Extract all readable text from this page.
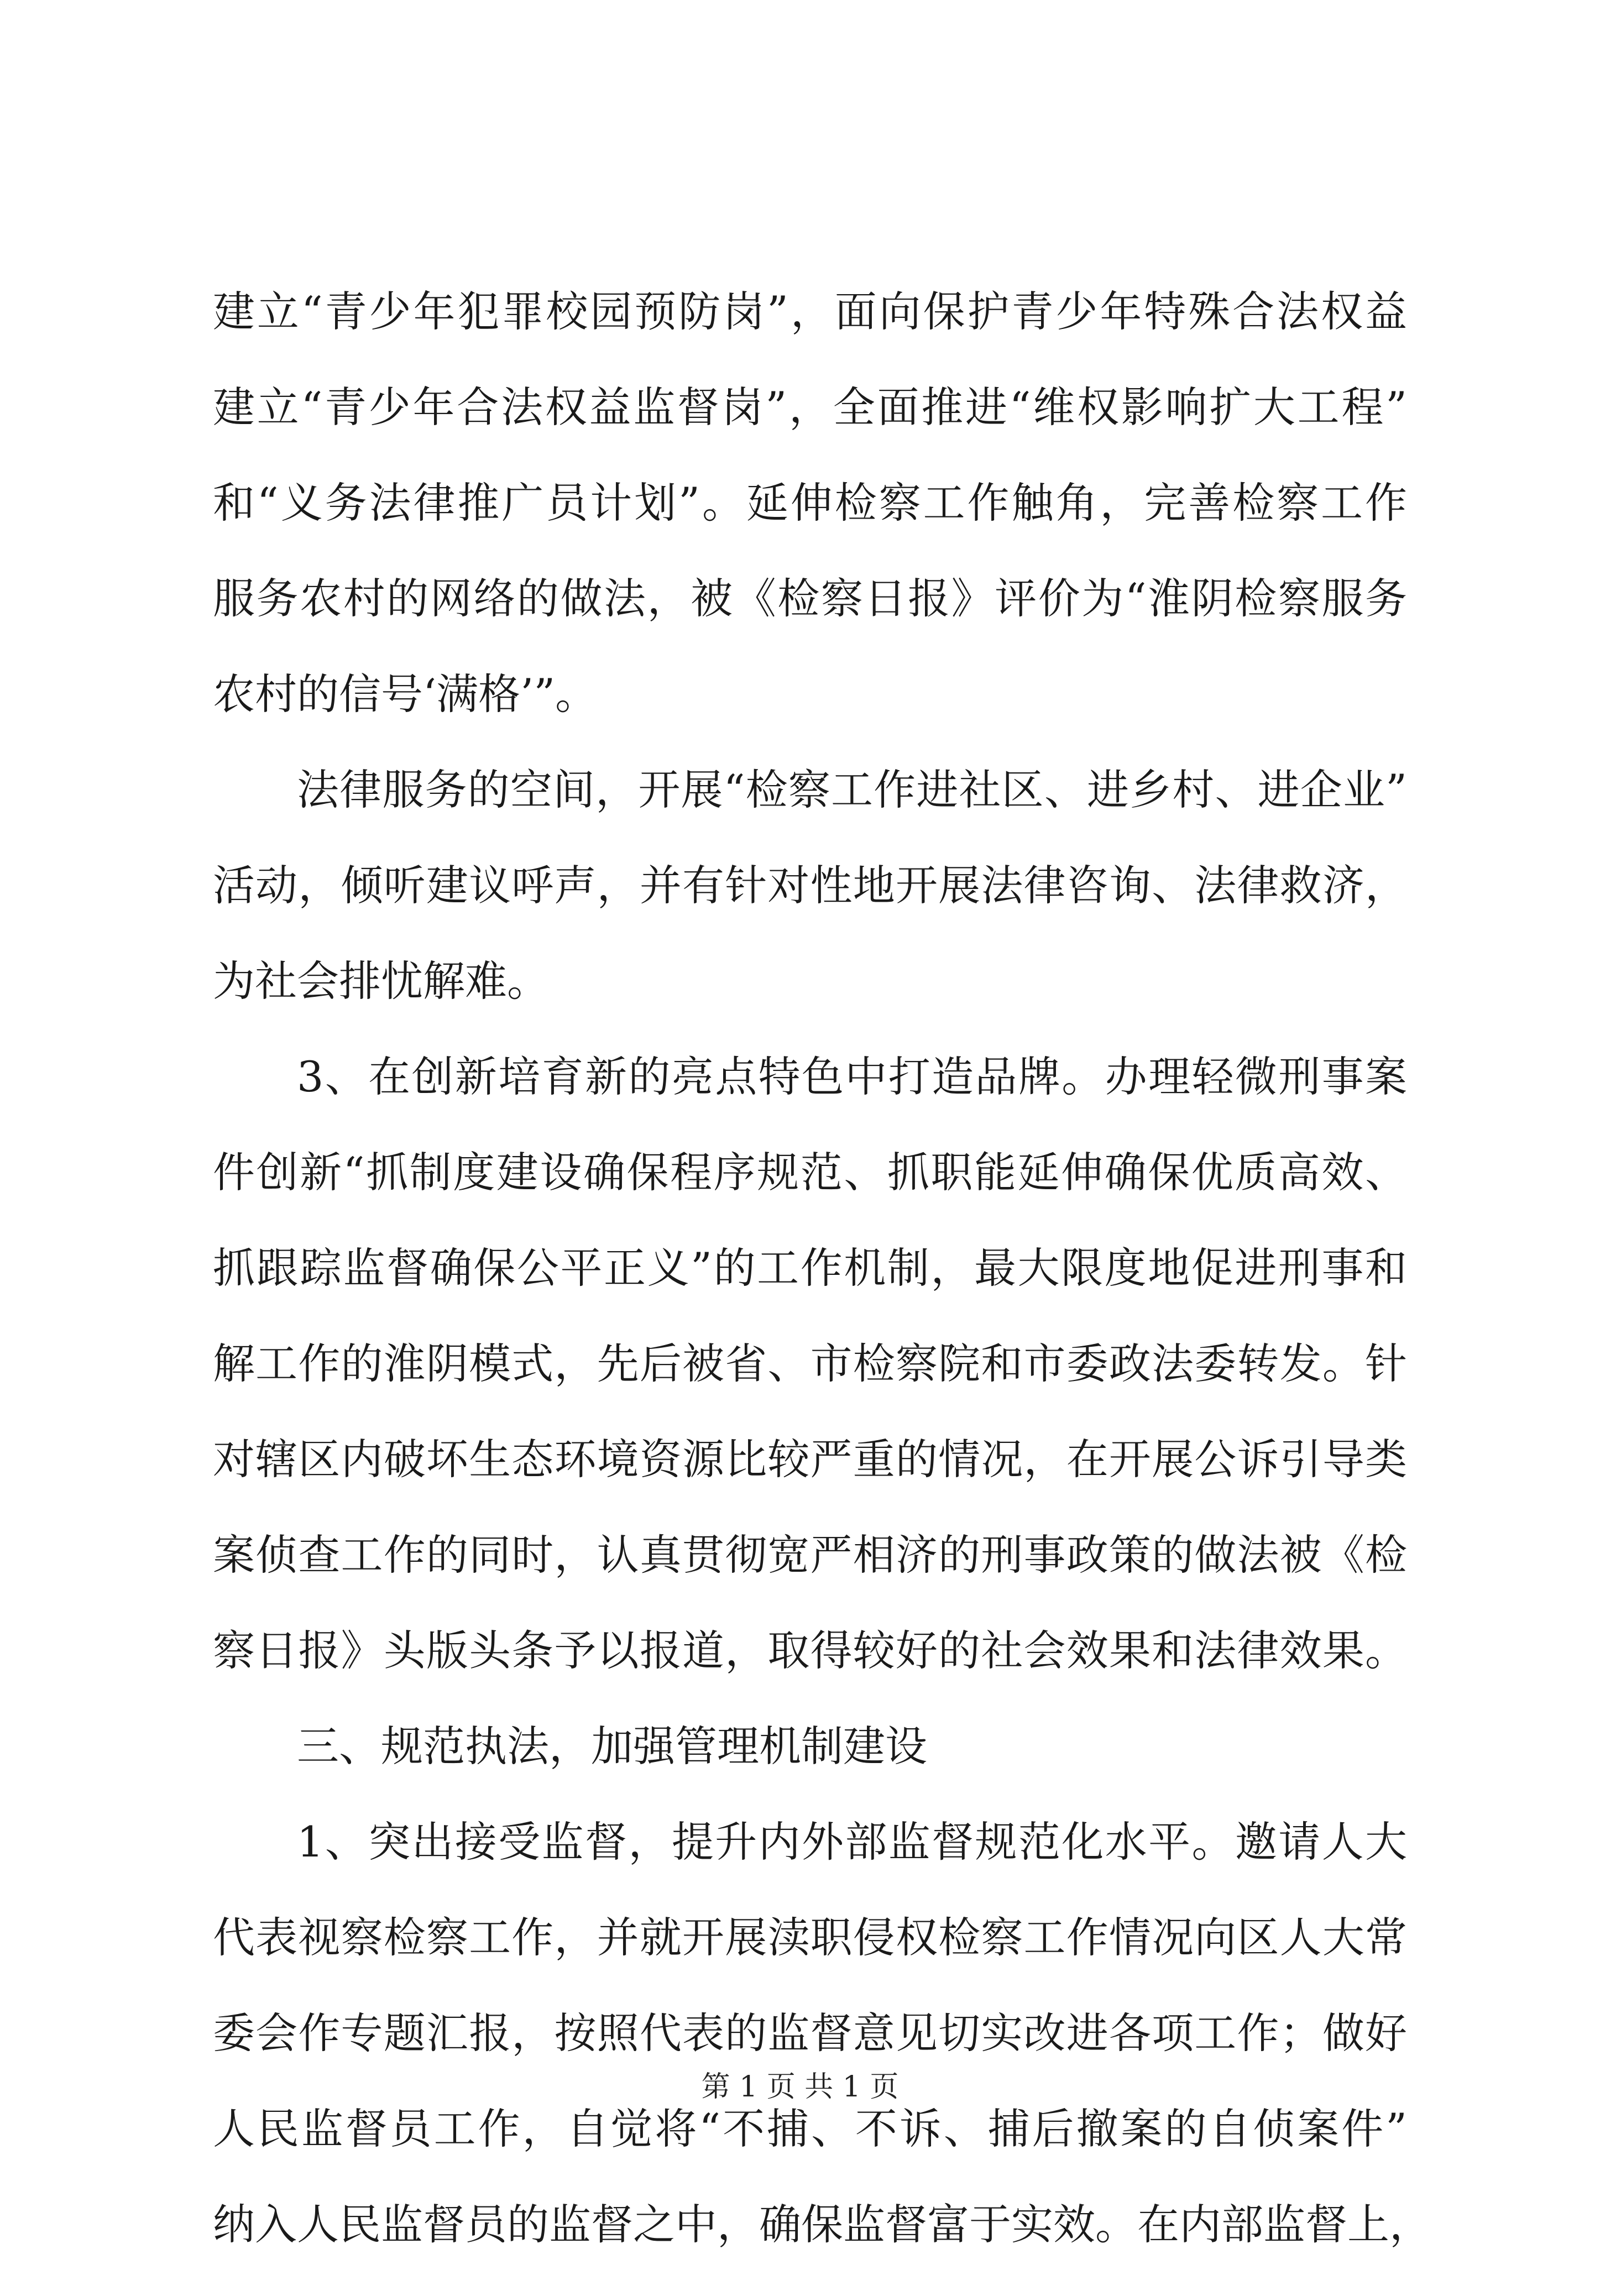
建立“青少年犯罪校园预防岗”，面向保护青少年特殊合法权益
建立“青少年合法权益监督岗”，全面推进“维权影响扩大工程”
和“义务法律推广员计划”。延伸检察工作触角，完善检察工作
服务农村的网络的做法，被《检察日报》评价为“淮阴检察服务
农村的信号‘满格’”。
法律服务的空间，开展“检察工作进社区、进乡村、进企业”
活动，倾听建议呼声，并有针对性地开展法律咨询、法律救济，
为社会排忧解难。
3、在创新培育新的亮点特色中打造品牌。办理轻微刑事案
件创新“抓制度建设确保程序规范、抓职能延伸确保优质高效、
抓跟踪监督确保公平正义”的工作机制，最大限度地促进刑事和
解工作的淮阴模式，先后被省、市检察院和市委政法委转发。针
对辖区内破坏生态环境资源比较严重的情况，在开展公诉引导类
案侦查工作的同时，认真贯彻宽严相济的刑事政策的做法被《检
察日报》头版头条予以报道，取得较好的社会效果和法律效果。
三、规范执法，加强管理机制建设
1、突出接受监督，提升内外部监督规范化水平。邀请人大
代表视察检察工作，并就开展渎职侵权检察工作情况向区人大常
委会作专题汇报，按照代表的监督意见切实改进各项工作；做好
人民监督员工作，自觉将“不捕、不诉、捕后撤案的自侦案件”
纳入人民监督员的监督之中，确保监督富于实效。在内部监督上，
第 1 页 共 1 页
